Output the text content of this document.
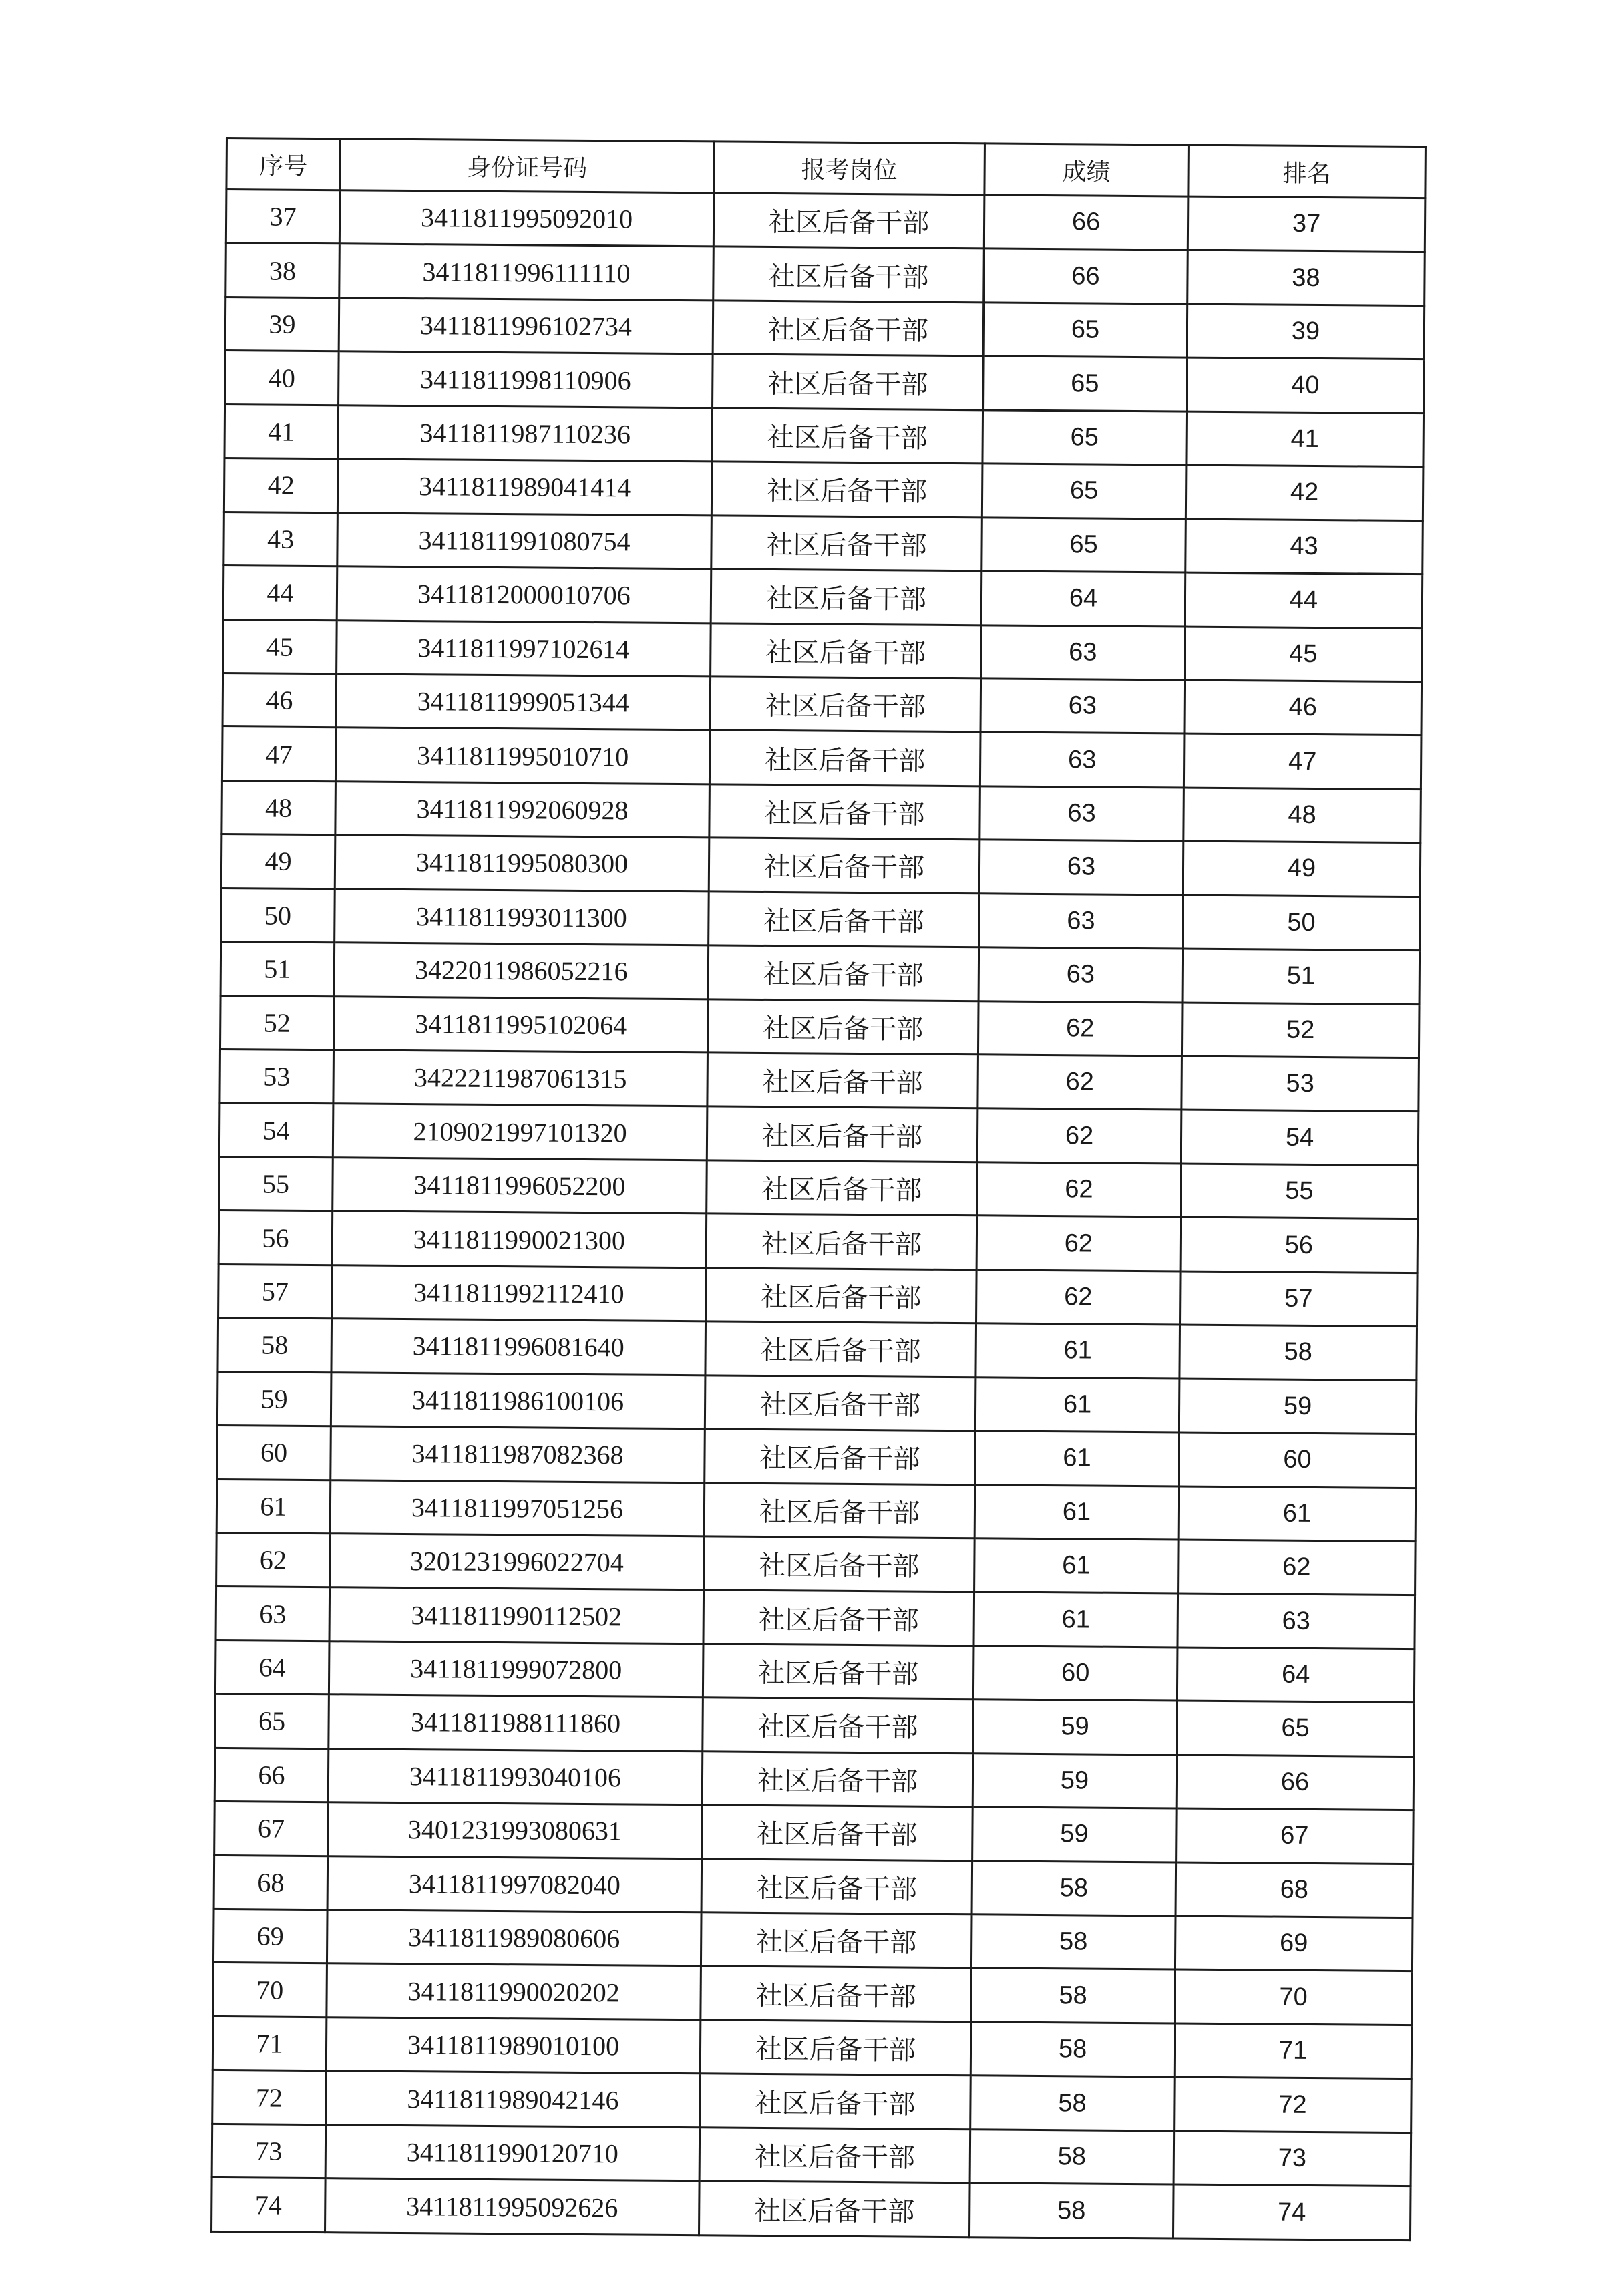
序号	身份证号码	报考岗位	成绩	排名
37	3411811995092010	社区后备干部	66	37
38	3411811996111110	社区后备干部	66	38
39	3411811996102734	社区后备干部	65	39
40	3411811998110906	社区后备干部	65	40
41	3411811987110236	社区后备干部	65	41
42	3411811989041414	社区后备干部	65	42
43	3411811991080754	社区后备干部	65	43
44	3411812000010706	社区后备干部	64	44
45	3411811997102614	社区后备干部	63	45
46	3411811999051344	社区后备干部	63	46
47	3411811995010710	社区后备干部	63	47
48	3411811992060928	社区后备干部	63	48
49	3411811995080300	社区后备干部	63	49
50	3411811993011300	社区后备干部	63	50
51	3422011986052216	社区后备干部	63	51
52	3411811995102064	社区后备干部	62	52
53	3422211987061315	社区后备干部	62	53
54	2109021997101320	社区后备干部	62	54
55	3411811996052200	社区后备干部	62	55
56	3411811990021300	社区后备干部	62	56
57	3411811992112410	社区后备干部	62	57
58	3411811996081640	社区后备干部	61	58
59	3411811986100106	社区后备干部	61	59
60	3411811987082368	社区后备干部	61	60
61	3411811997051256	社区后备干部	61	61
62	3201231996022704	社区后备干部	61	62
63	3411811990112502	社区后备干部	61	63
64	3411811999072800	社区后备干部	60	64
65	3411811988111860	社区后备干部	59	65
66	3411811993040106	社区后备干部	59	66
67	3401231993080631	社区后备干部	59	67
68	3411811997082040	社区后备干部	58	68
69	3411811989080606	社区后备干部	58	69
70	3411811990020202	社区后备干部	58	70
71	3411811989010100	社区后备干部	58	71
72	3411811989042146	社区后备干部	58	72
73	3411811990120710	社区后备干部	58	73
74	3411811995092626	社区后备干部	58	74
